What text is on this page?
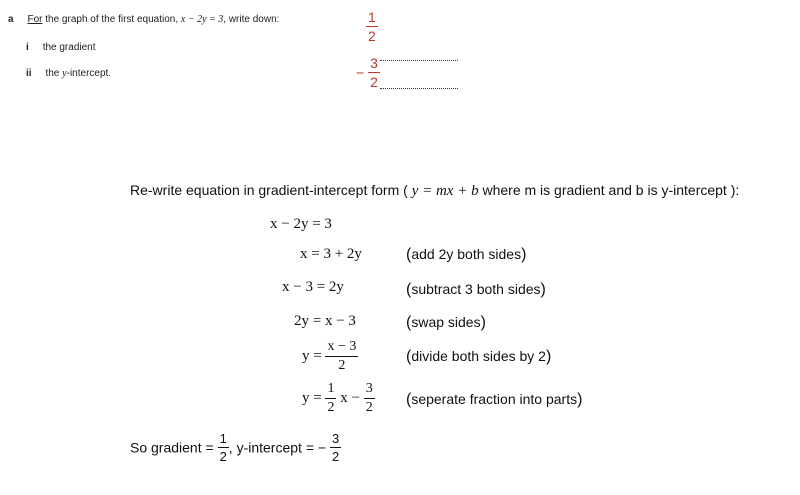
a For the graph of the first equation, x − 2y = 3, write down:
i the gradient
ii the y-intercept.
$\frac{1}{2}$
− $\frac{3}{2}$
Re-write equation in gradient-intercept form ( y = mx + b where m is gradient and b is y-intercept ):
x − 2y = 3
x = 3 + 2y	(add 2y both sides)
x − 3 = 2y	(subtract 3 both sides)
2y = x − 3	(swap sides)
$y = \frac{x - 3}{2}$	(divide both sides by 2)
$y = \frac{1}{2}$ $x - \frac{3}{2}$ (seperate fraction into parts)
So gradient = $\frac{1}{2}$ , y-intercept = − $\frac{3}{2}$
